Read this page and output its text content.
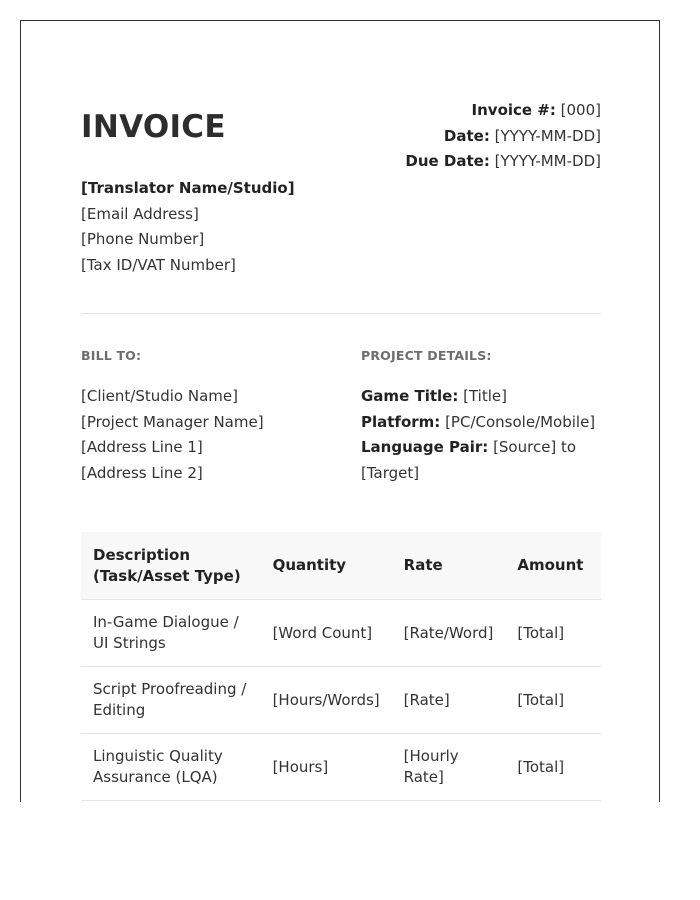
INVOICE	Invoice #: [000]
Date: [YYYY-MM-DD]
Due Date: [YYYY-MM-DD]
[Translator Name/Studio]
[Email Address]
[Phone Number]
[Tax ID/VAT Number]
BILL TO:	PROJECT DETAILS:
[Client/Studio Name]
[Project Manager Name]
[Address Line 1]
[Address Line 2]
Game Title: [Title]
Platform: [PC/Console/Mobile]
Language Pair: [Source] to [Target]
Description
(Task/Asset Type)	Quantity	Rate	Amount
In-Game Dialogue / UI Strings	[Word Count]	[Rate/Word]	[Total]
Script Proofreading / Editing	[Hours/Words]	[Rate]	[Total]
Linguistic Quality Assurance (LQA)	[Hours]	[Hourly Rate]	[Total]
